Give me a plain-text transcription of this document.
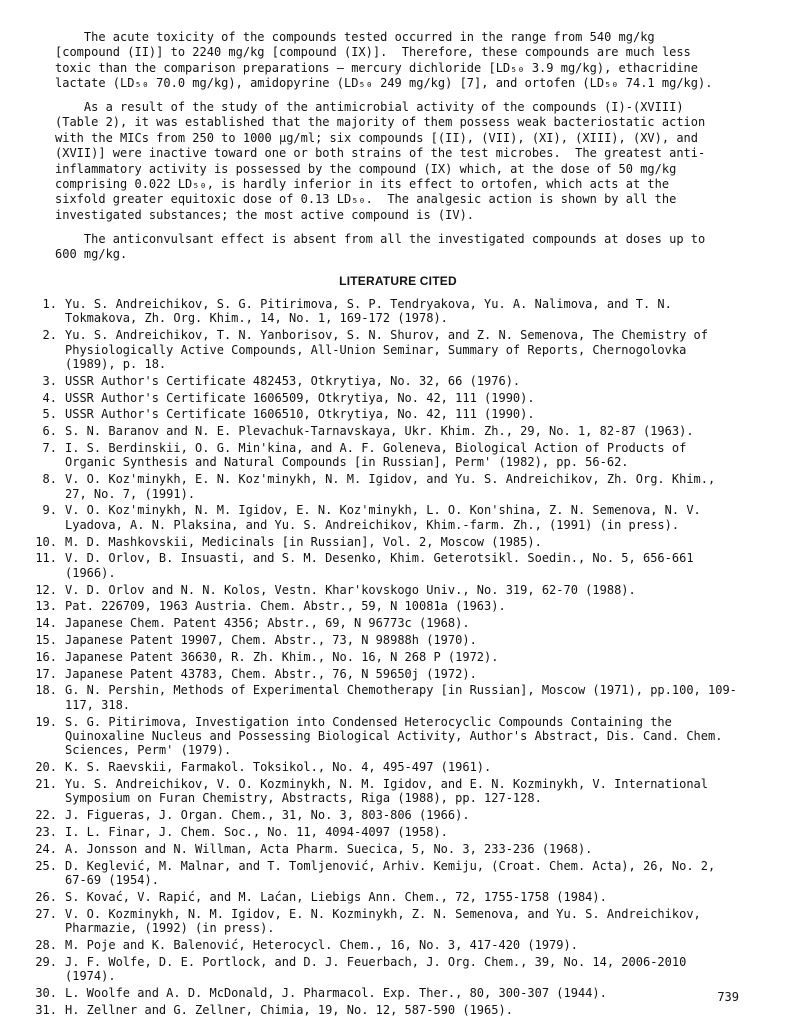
The acute toxicity of the compounds tested occurred in the range from 540 mg/kg [compound (II)] to 2240 mg/kg [compound (IX)].  Therefore, these compounds are much less toxic than the comparison preparations — mercury dichloride [LD₅₀ 3.9 mg/kg), ethacridine lactate (LD₅₀ 70.0 mg/kg), amidopyrine (LD₅₀ 249 mg/kg) [7], and ortofen (LD₅₀ 74.1 mg/kg).

As a result of the study of the antimicrobial activity of the compounds (I)-(XVIII) (Table 2), it was established that the majority of them possess weak bacteriostatic action with the MICs from 250 to 1000 μg/ml; six compounds [(II), (VII), (XI), (XIII), (XV), and (XVII)] were inactive toward one or both strains of the test microbes.  The greatest anti-inflammatory activity is possessed by the compound (IX) which, at the dose of 50 mg/kg comprising 0.022 LD₅₀, is hardly inferior in its effect to ortofen, which acts at the sixfold greater equitoxic dose of 0.13 LD₅₀.  The analgesic action is shown by all the investigated substances; the most active compound is (IV).

The anticonvulsant effect is absent from all the investigated compounds at doses up to 600 mg/kg.

LITERATURE CITED
1. Yu. S. Andreichikov, S. G. Pitirimova, S. P. Tendryakova, Yu. A. Nalimova, and T. N. Tokmakova, Zh. Org. Khim., 14, No. 1, 169-172 (1978).
2. Yu. S. Andreichikov, T. N. Yanborisov, S. N. Shurov, and Z. N. Semenova, The Chemistry of Physiologically Active Compounds, All-Union Seminar, Summary of Reports, Chernogolovka (1989), p. 18.
3. USSR Author's Certificate 482453, Otkrytiya, No. 32, 66 (1976).
4. USSR Author's Certificate 1606509, Otkrytiya, No. 42, 111 (1990).
5. USSR Author's Certificate 1606510, Otkrytiya, No. 42, 111 (1990).
6. S. N. Baranov and N. E. Plevachuk-Tarnavskaya, Ukr. Khim. Zh., 29, No. 1, 82-87 (1963).
7. I. S. Berdinskii, O. G. Min'kina, and A. F. Goleneva, Biological Action of Products of Organic Synthesis and Natural Compounds [in Russian], Perm' (1982), pp. 56-62.
8. V. O. Koz'minykh, E. N. Koz'minykh, N. M. Igidov, and Yu. S. Andreichikov, Zh. Org. Khim., 27, No. 7, (1991).
9. V. O. Koz'minykh, N. M. Igidov, E. N. Koz'minykh, L. O. Kon'shina, Z. N. Semenova, N. V. Lyadova, A. N. Plaksina, and Yu. S. Andreichikov, Khim.-farm. Zh., (1991) (in press).
10. M. D. Mashkovskii, Medicinals [in Russian], Vol. 2, Moscow (1985).
11. V. D. Orlov, B. Insuasti, and S. M. Desenko, Khim. Geterotsikl. Soedin., No. 5, 656-661 (1966).
12. V. D. Orlov and N. N. Kolos, Vestn. Khar'kovskogo Univ., No. 319, 62-70 (1988).
13. Pat. 226709, 1963 Austria. Chem. Abstr., 59, N 10081a (1963).
14. Japanese Chem. Patent 4356; Abstr., 69, N 96773c (1968).
15. Japanese Patent 19907, Chem. Abstr., 73, N 98988h (1970).
16. Japanese Patent 36630, R. Zh. Khim., No. 16, N 268 P (1972).
17. Japanese Patent 43783, Chem. Abstr., 76, N 59650j (1972).
18. G. N. Pershin, Methods of Experimental Chemotherapy [in Russian], Moscow (1971), pp.100, 109-117, 318.
19. S. G. Pitirimova, Investigation into Condensed Heterocyclic Compounds Containing the Quinoxaline Nucleus and Possessing Biological Activity, Author's Abstract, Dis. Cand. Chem. Sciences, Perm' (1979).
20. K. S. Raevskii, Farmakol. Toksikol., No. 4, 495-497 (1961).
21. Yu. S. Andreichikov, V. O. Kozminykh, N. M. Igidov, and E. N. Kozminykh, V. International Symposium on Furan Chemistry, Abstracts, Riga (1988), pp. 127-128.
22. J. Figueras, J. Organ. Chem., 31, No. 3, 803-806 (1966).
23. I. L. Finar, J. Chem. Soc., No. 11, 4094-4097 (1958).
24. A. Jonsson and N. Willman, Acta Pharm. Suecica, 5, No. 3, 233-236 (1968).
25. D. Keglević, M. Malnar, and T. Tomljenović, Arhiv. Kemiju, (Croat. Chem. Acta), 26, No. 2, 67-69 (1954).
26. S. Kovać, V. Rapić, and M. Laćan, Liebigs Ann. Chem., 72, 1755-1758 (1984).
27. V. O. Kozminykh, N. M. Igidov, E. N. Kozminykh, Z. N. Semenova, and Yu. S. Andreichikov, Pharmazie, (1992) (in press).
28. M. Poje and K. Balenović, Heterocycl. Chem., 16, No. 3, 417-420 (1979).
29. J. F. Wolfe, D. E. Portlock, and D. J. Feuerbach, J. Org. Chem., 39, No. 14, 2006-2010 (1974).
30. L. Woolfe and A. D. McDonald, J. Pharmacol. Exp. Ther., 80, 300-307 (1944).
31. H. Zellner and G. Zellner, Chimia, 19, No. 12, 587-590 (1965).
739
